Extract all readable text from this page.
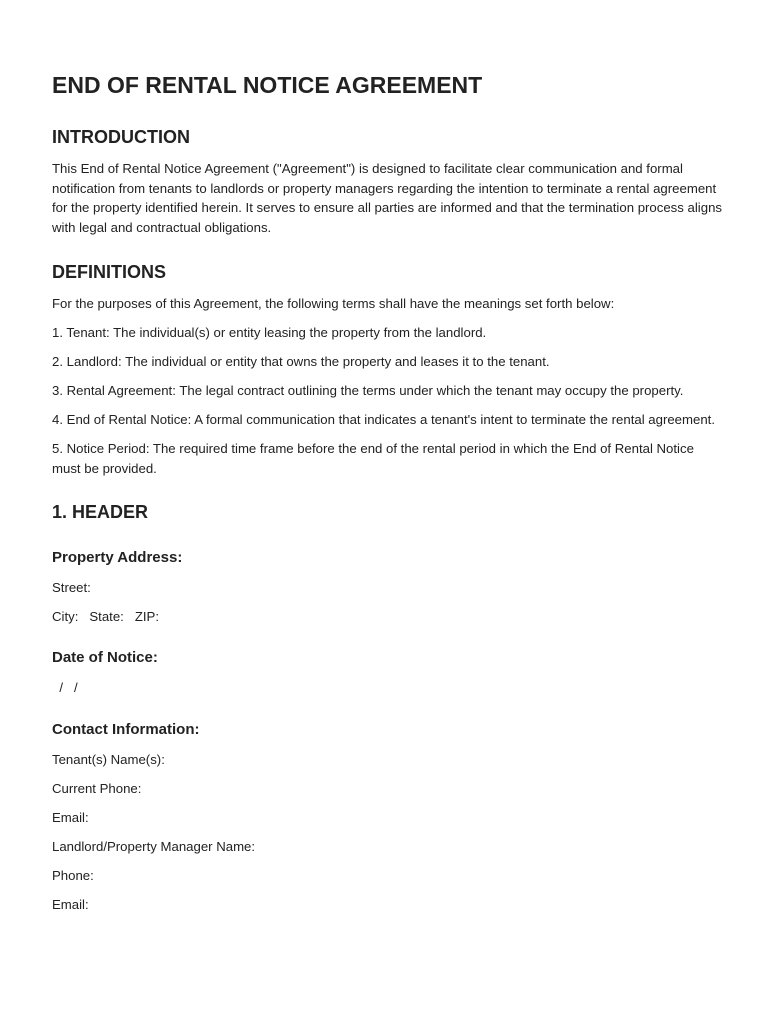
END OF RENTAL NOTICE AGREEMENT
INTRODUCTION

This End of Rental Notice Agreement ("Agreement") is designed to facilitate clear communication and formal notification from tenants to landlords or property managers regarding the intention to terminate a rental agreement for the property identified herein. It serves to ensure all parties are informed and that the termination process aligns with legal and contractual obligations.

DEFINITIONS

For the purposes of this Agreement, the following terms shall have the meanings set forth below:

1. Tenant: The individual(s) or entity leasing the property from the landlord.

2. Landlord: The individual or entity that owns the property and leases it to the tenant.

3. Rental Agreement: The legal contract outlining the terms under which the tenant may occupy the property.

4. End of Rental Notice: A formal communication that indicates a tenant's intent to terminate the rental agreement.

5. Notice Period: The required time frame before the end of the rental period in which the End of Rental Notice must be provided.

1. HEADER
Property Address:

Street:

City:   State:   ZIP:

Date of Notice:

/   /

Contact Information:

Tenant(s) Name(s):

Current Phone:

Email:

Landlord/Property Manager Name:

Phone:

Email:
